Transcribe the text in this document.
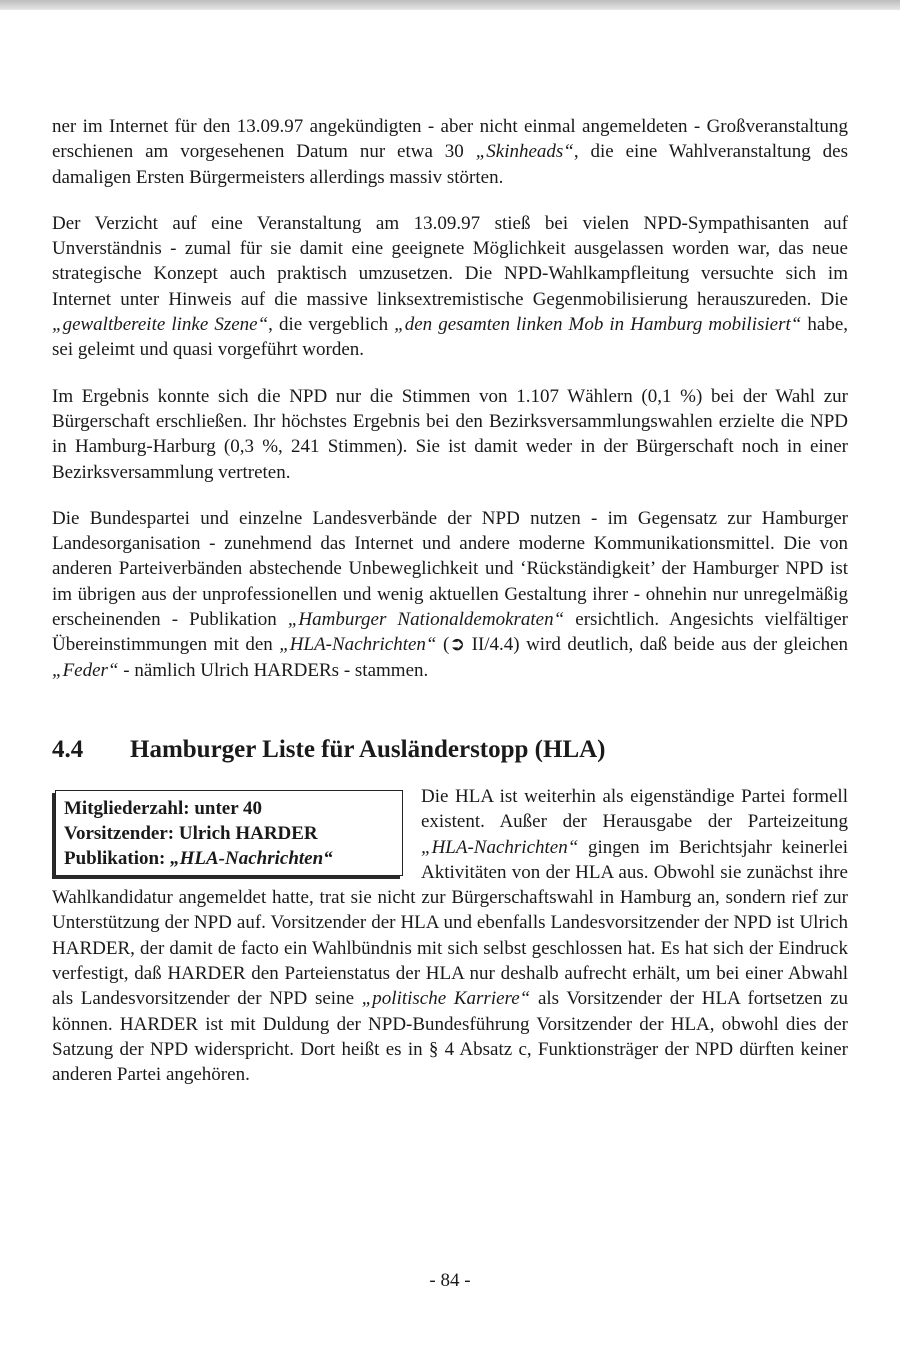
ner im Internet für den 13.09.97 angekündigten - aber nicht einmal angemeldeten - Großveranstaltung erschienen am vorgesehenen Datum nur etwa 30 „Skinheads“, die eine Wahlveranstaltung des damaligen Ersten Bürgermeisters allerdings massiv störten.

Der Verzicht auf eine Veranstaltung am 13.09.97 stieß bei vielen NPD-Sympathisanten auf Unverständnis - zumal für sie damit eine geeignete Möglichkeit ausgelassen worden war, das neue strategische Konzept auch praktisch umzusetzen. Die NPD-Wahlkampfleitung versuchte sich im Internet unter Hinweis auf die massive linksextremistische Gegenmobilisierung herauszureden. Die „gewaltbereite linke Szene“, die vergeblich „den gesamten linken Mob in Hamburg mobilisiert“ habe, sei geleimt und quasi vorgeführt worden.

Im Ergebnis konnte sich die NPD nur die Stimmen von 1.107 Wählern (0,1 %) bei der Wahl zur Bürgerschaft erschließen. Ihr höchstes Ergebnis bei den Bezirksversammlungswahlen erzielte die NPD in Hamburg-Harburg (0,3 %, 241 Stimmen). Sie ist damit weder in der Bürgerschaft noch in einer Bezirksversammlung vertreten.

Die Bundespartei und einzelne Landesverbände der NPD nutzen - im Gegensatz zur Hamburger Landesorganisation - zunehmend das Internet und andere moderne Kommunikationsmittel. Die von anderen Parteiverbänden abstechende Unbeweglichkeit und ‘Rückständigkeit’ der Hamburger NPD ist im übrigen aus der unprofessionellen und wenig aktuellen Gestaltung ihrer - ohnehin nur unregelmäßig erscheinenden - Publikation „Hamburger Nationaldemokraten“ ersichtlich. Angesichts vielfältiger Übereinstimmungen mit den „HLA-Nachrichten“ (➲ II/4.4) wird deutlich, daß beide aus der gleichen „Feder“ - nämlich Ulrich HARDERs - stammen.

4.4 Hamburger Liste für Ausländerstopp (HLA)
Mitgliederzahl: unter 40
Vorsitzender: Ulrich HARDER
Publikation: „HLA-Nachrichten“
Die HLA ist weiterhin als eigenständige Partei formell existent. Außer der Herausgabe der Parteizeitung „HLA-Nachrichten“ gingen im Berichtsjahr keinerlei Aktivitäten von der HLA aus. Obwohl sie zunächst ihre Wahlkandidatur angemeldet hatte, trat sie nicht zur Bürgerschaftswahl in Hamburg an, sondern rief zur Unterstützung der NPD auf. Vorsitzender der HLA und ebenfalls Landesvorsitzender der NPD ist Ulrich HARDER, der damit de facto ein Wahlbündnis mit sich selbst geschlossen hat. Es hat sich der Eindruck verfestigt, daß HARDER den Parteienstatus der HLA nur deshalb aufrecht erhält, um bei einer Abwahl als Landesvorsitzender der NPD seine „politische Karriere“ als Vorsitzender der HLA fortsetzen zu können. HARDER ist mit Duldung der NPD-Bundesführung Vorsitzender der HLA, obwohl dies der Satzung der NPD widerspricht. Dort heißt es in § 4 Absatz c, Funktionsträger der NPD dürften keiner anderen Partei angehören.
- 84 -
